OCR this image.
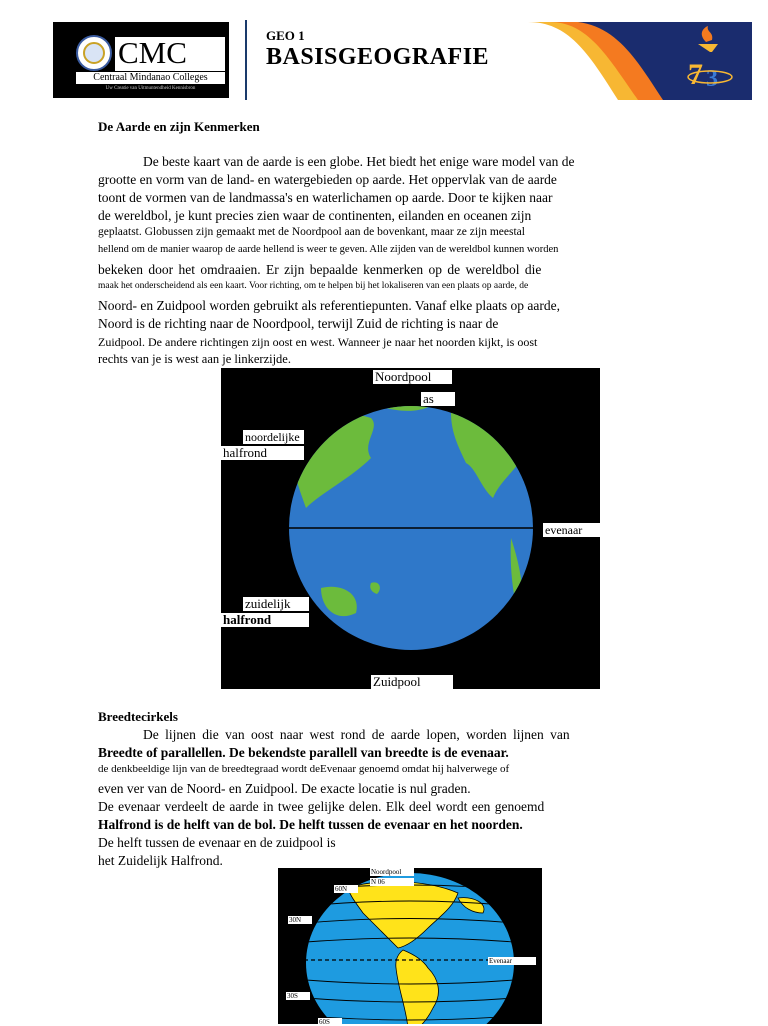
CMC
Centraal Mindanao Colleges
Uw Creatie van Uitmuntendheid Kennisbron
GEO 1
BASISGEOGRAFIE
7 3
De Aarde en zijn Kenmerken
De beste kaart van de aarde is een globe. Het biedt het enige ware model van de
grootte en vorm van de land- en watergebieden op aarde. Het oppervlak van de aarde
toont de vormen van de landmassa's en waterlichamen op aarde. Door te kijken naar
de wereldbol, je kunt precies zien waar de continenten, eilanden en oceanen zijn
geplaatst. Globussen zijn gemaakt met de Noordpool aan de bovenkant, maar ze zijn meestal
hellend om de manier waarop de aarde hellend is weer te geven. Alle zijden van de wereldbol kunnen worden
bekeken door het omdraaien. Er zijn bepaalde kenmerken op de wereldbol die
maak het onderscheidend als een kaart. Voor richting, om te helpen bij het lokaliseren van een plaats op aarde, de
Noord- en Zuidpool worden gebruikt als referentiepunten. Vanaf elke plaats op aarde,
Noord is de richting naar de Noordpool, terwijl Zuid de richting is naar de
Zuidpool. De andere richtingen zijn oost en west. Wanneer je naar het noorden kijkt, is oost
rechts van je is west aan je linkerzijde.
Noordpool
as
noordelijke
halfrond
evenaar
zuidelijk
halfrond
Zuidpool
Breedtecirkels
De lijnen die van oost naar west rond de aarde lopen, worden lijnen van
Breedte of parallellen. De bekendste parallell van breedte is de evenaar.
de denkbeeldige lijn van de breedtegraad wordt deEvenaar genoemd omdat hij halverwege of
even ver van de Noord- en Zuidpool. De exacte locatie is nul graden.
De evenaar verdeelt de aarde in twee gelijke delen. Elk deel wordt een genoemd
Halfrond is de helft van de bol. De helft tussen de evenaar en het noorden.
De helft tussen de evenaar en de zuidpool is
het Zuidelijk Halfrond.
Noordpool
N 06
60N
30N
Evenaar
30S
60S
